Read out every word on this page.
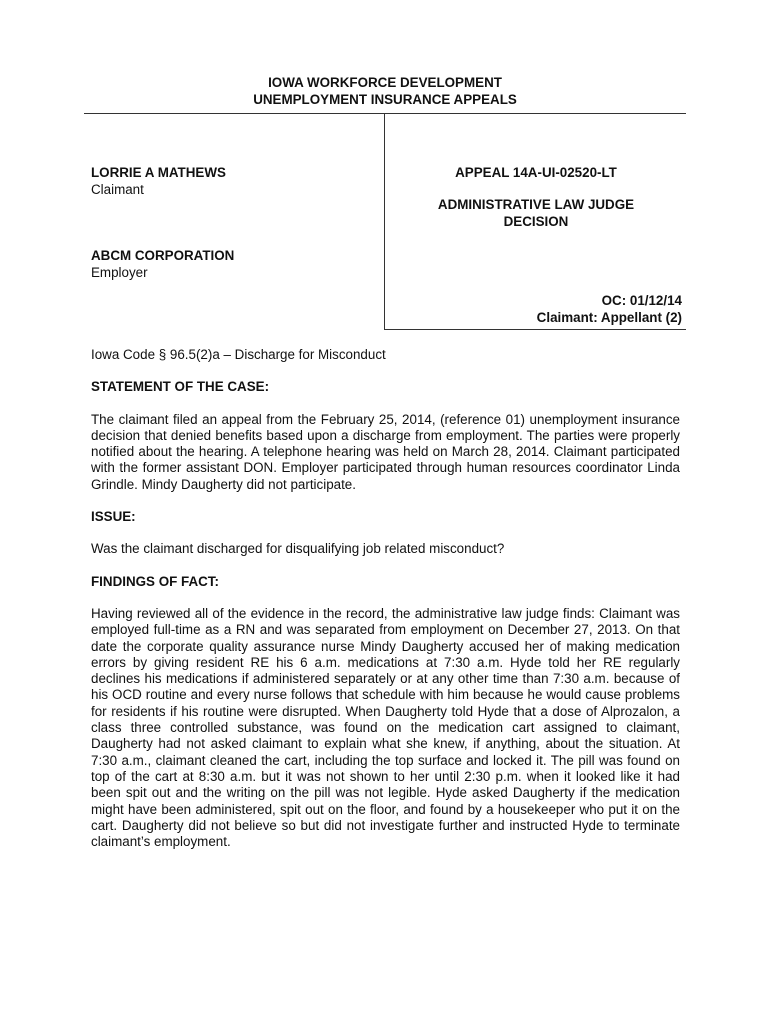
IOWA WORKFORCE DEVELOPMENT
UNEMPLOYMENT INSURANCE APPEALS
LORRIE A MATHEWS
Claimant
ABCM CORPORATION
Employer
APPEAL 14A-UI-02520-LT
ADMINISTRATIVE LAW JUDGE
DECISION
OC: 01/12/14
Claimant: Appellant (2)

Iowa Code § 96.5(2)a – Discharge for Misconduct

STATEMENT OF THE CASE:

The claimant filed an appeal from the February 25, 2014, (reference 01) unemployment insurance decision that denied benefits based upon a discharge from employment. The parties were properly notified about the hearing. A telephone hearing was held on March 28, 2014. Claimant participated with the former assistant DON. Employer participated through human resources coordinator Linda Grindle. Mindy Daugherty did not participate.

ISSUE:

Was the claimant discharged for disqualifying job related misconduct?

FINDINGS OF FACT:

Having reviewed all of the evidence in the record, the administrative law judge finds: Claimant was employed full-time as a RN and was separated from employment on December 27, 2013. On that date the corporate quality assurance nurse Mindy Daugherty accused her of making medication errors by giving resident RE his 6 a.m. medications at 7:30 a.m. Hyde told her RE regularly declines his medications if administered separately or at any other time than 7:30 a.m. because of his OCD routine and every nurse follows that schedule with him because he would cause problems for residents if his routine were disrupted. When Daugherty told Hyde that a dose of Alprozalon, a class three controlled substance, was found on the medication cart assigned to claimant, Daugherty had not asked claimant to explain what she knew, if anything, about the situation. At 7:30 a.m., claimant cleaned the cart, including the top surface and locked it. The pill was found on top of the cart at 8:30 a.m. but it was not shown to her until 2:30 p.m. when it looked like it had been spit out and the writing on the pill was not legible. Hyde asked Daugherty if the medication might have been administered, spit out on the floor, and found by a housekeeper who put it on the cart. Daugherty did not believe so but did not investigate further and instructed Hyde to terminate claimant’s employment.
